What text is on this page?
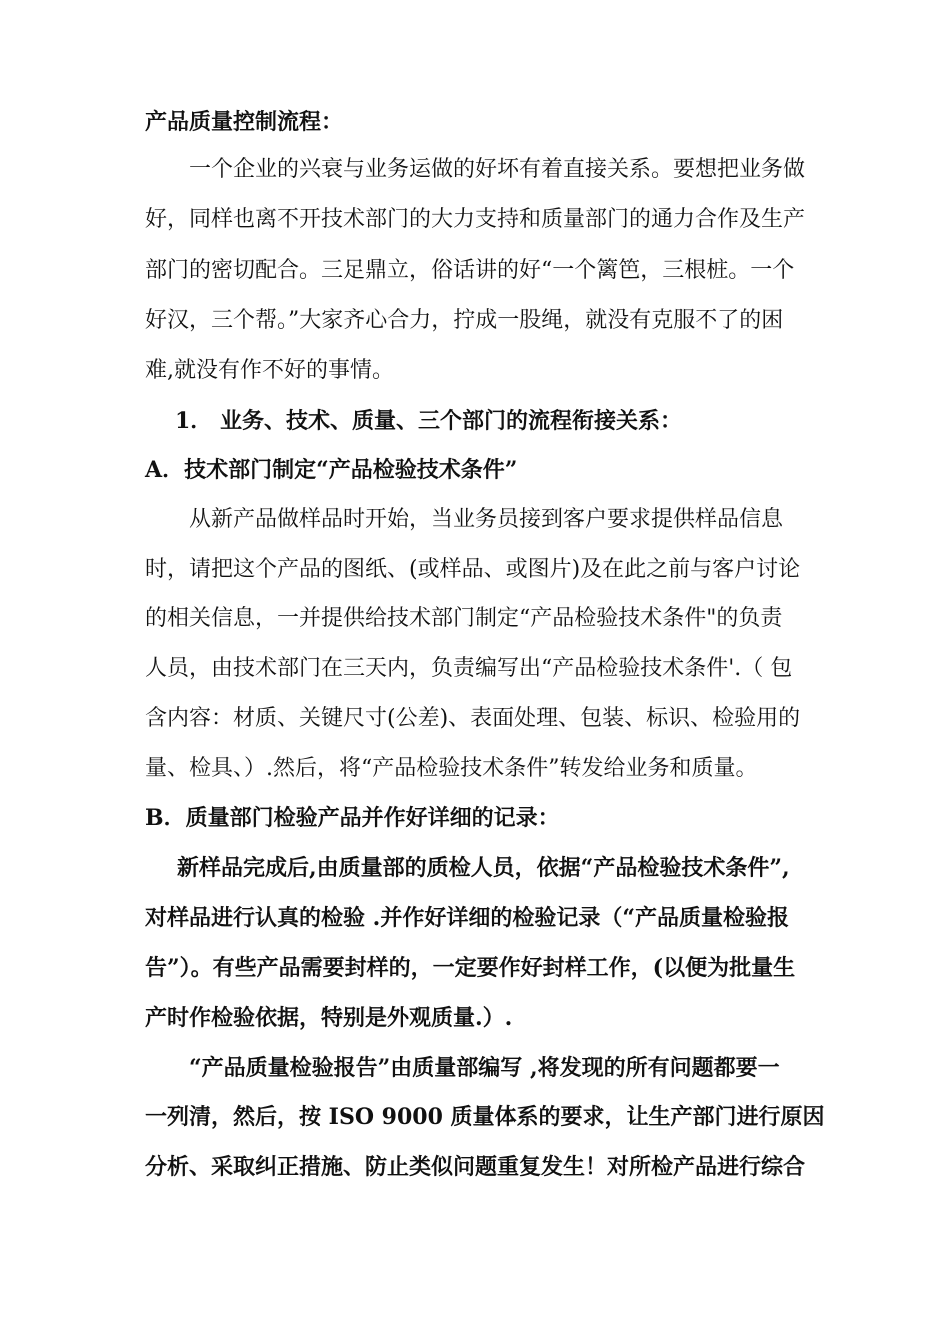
产品质量控制流程：
一个企业的兴衰与业务运做的好坏有着直接关系。要想把业务做
好，同样也离不开技术部门的大力支持和质量部门的通力合作及生产
部门的密切配合。三足鼎立，俗话讲的好“一个篱笆，三根桩。一个
好汉，三个帮。”大家齐心合力，拧成一股绳，就没有克服不了的困
难,就没有作不好的事情。
1． 业务、技术、质量、三个部门的流程衔接关系：
A．技术部门制定“产品检验技术条件”
从新产品做样品时开始，当业务员接到客户要求提供样品信息
时，请把这个产品的图纸、(或样品、或图片)及在此之前与客户讨论
的相关信息，一并提供给技术部门制定“产品检验技术条件"的负责
人员，由技术部门在三天内，负责编写出“产品检验技术条件'.（ 包
含内容：材质、关键尺寸(公差)、表面处理、包装、标识、检验用的
量、检具、）.然后，将“产品检验技术条件”转发给业务和质量。
B．质量部门检验产品并作好详细的记录：
新样品完成后,由质量部的质检人员，依据“产品检验技术条件”,
对样品进行认真的检验 .并作好详细的检验记录（“产品质量检验报
告”）。有些产品需要封样的，一定要作好封样工作，(以便为批量生
产时作检验依据，特别是外观质量.）.
“产品质量检验报告”由质量部编写 ,将发现的所有问题都要一
一列清，然后，按 ISO 9000 质量体系的要求，让生产部门进行原因
分析、采取纠正措施、防止类似问题重复发生！对所检产品进行综合
